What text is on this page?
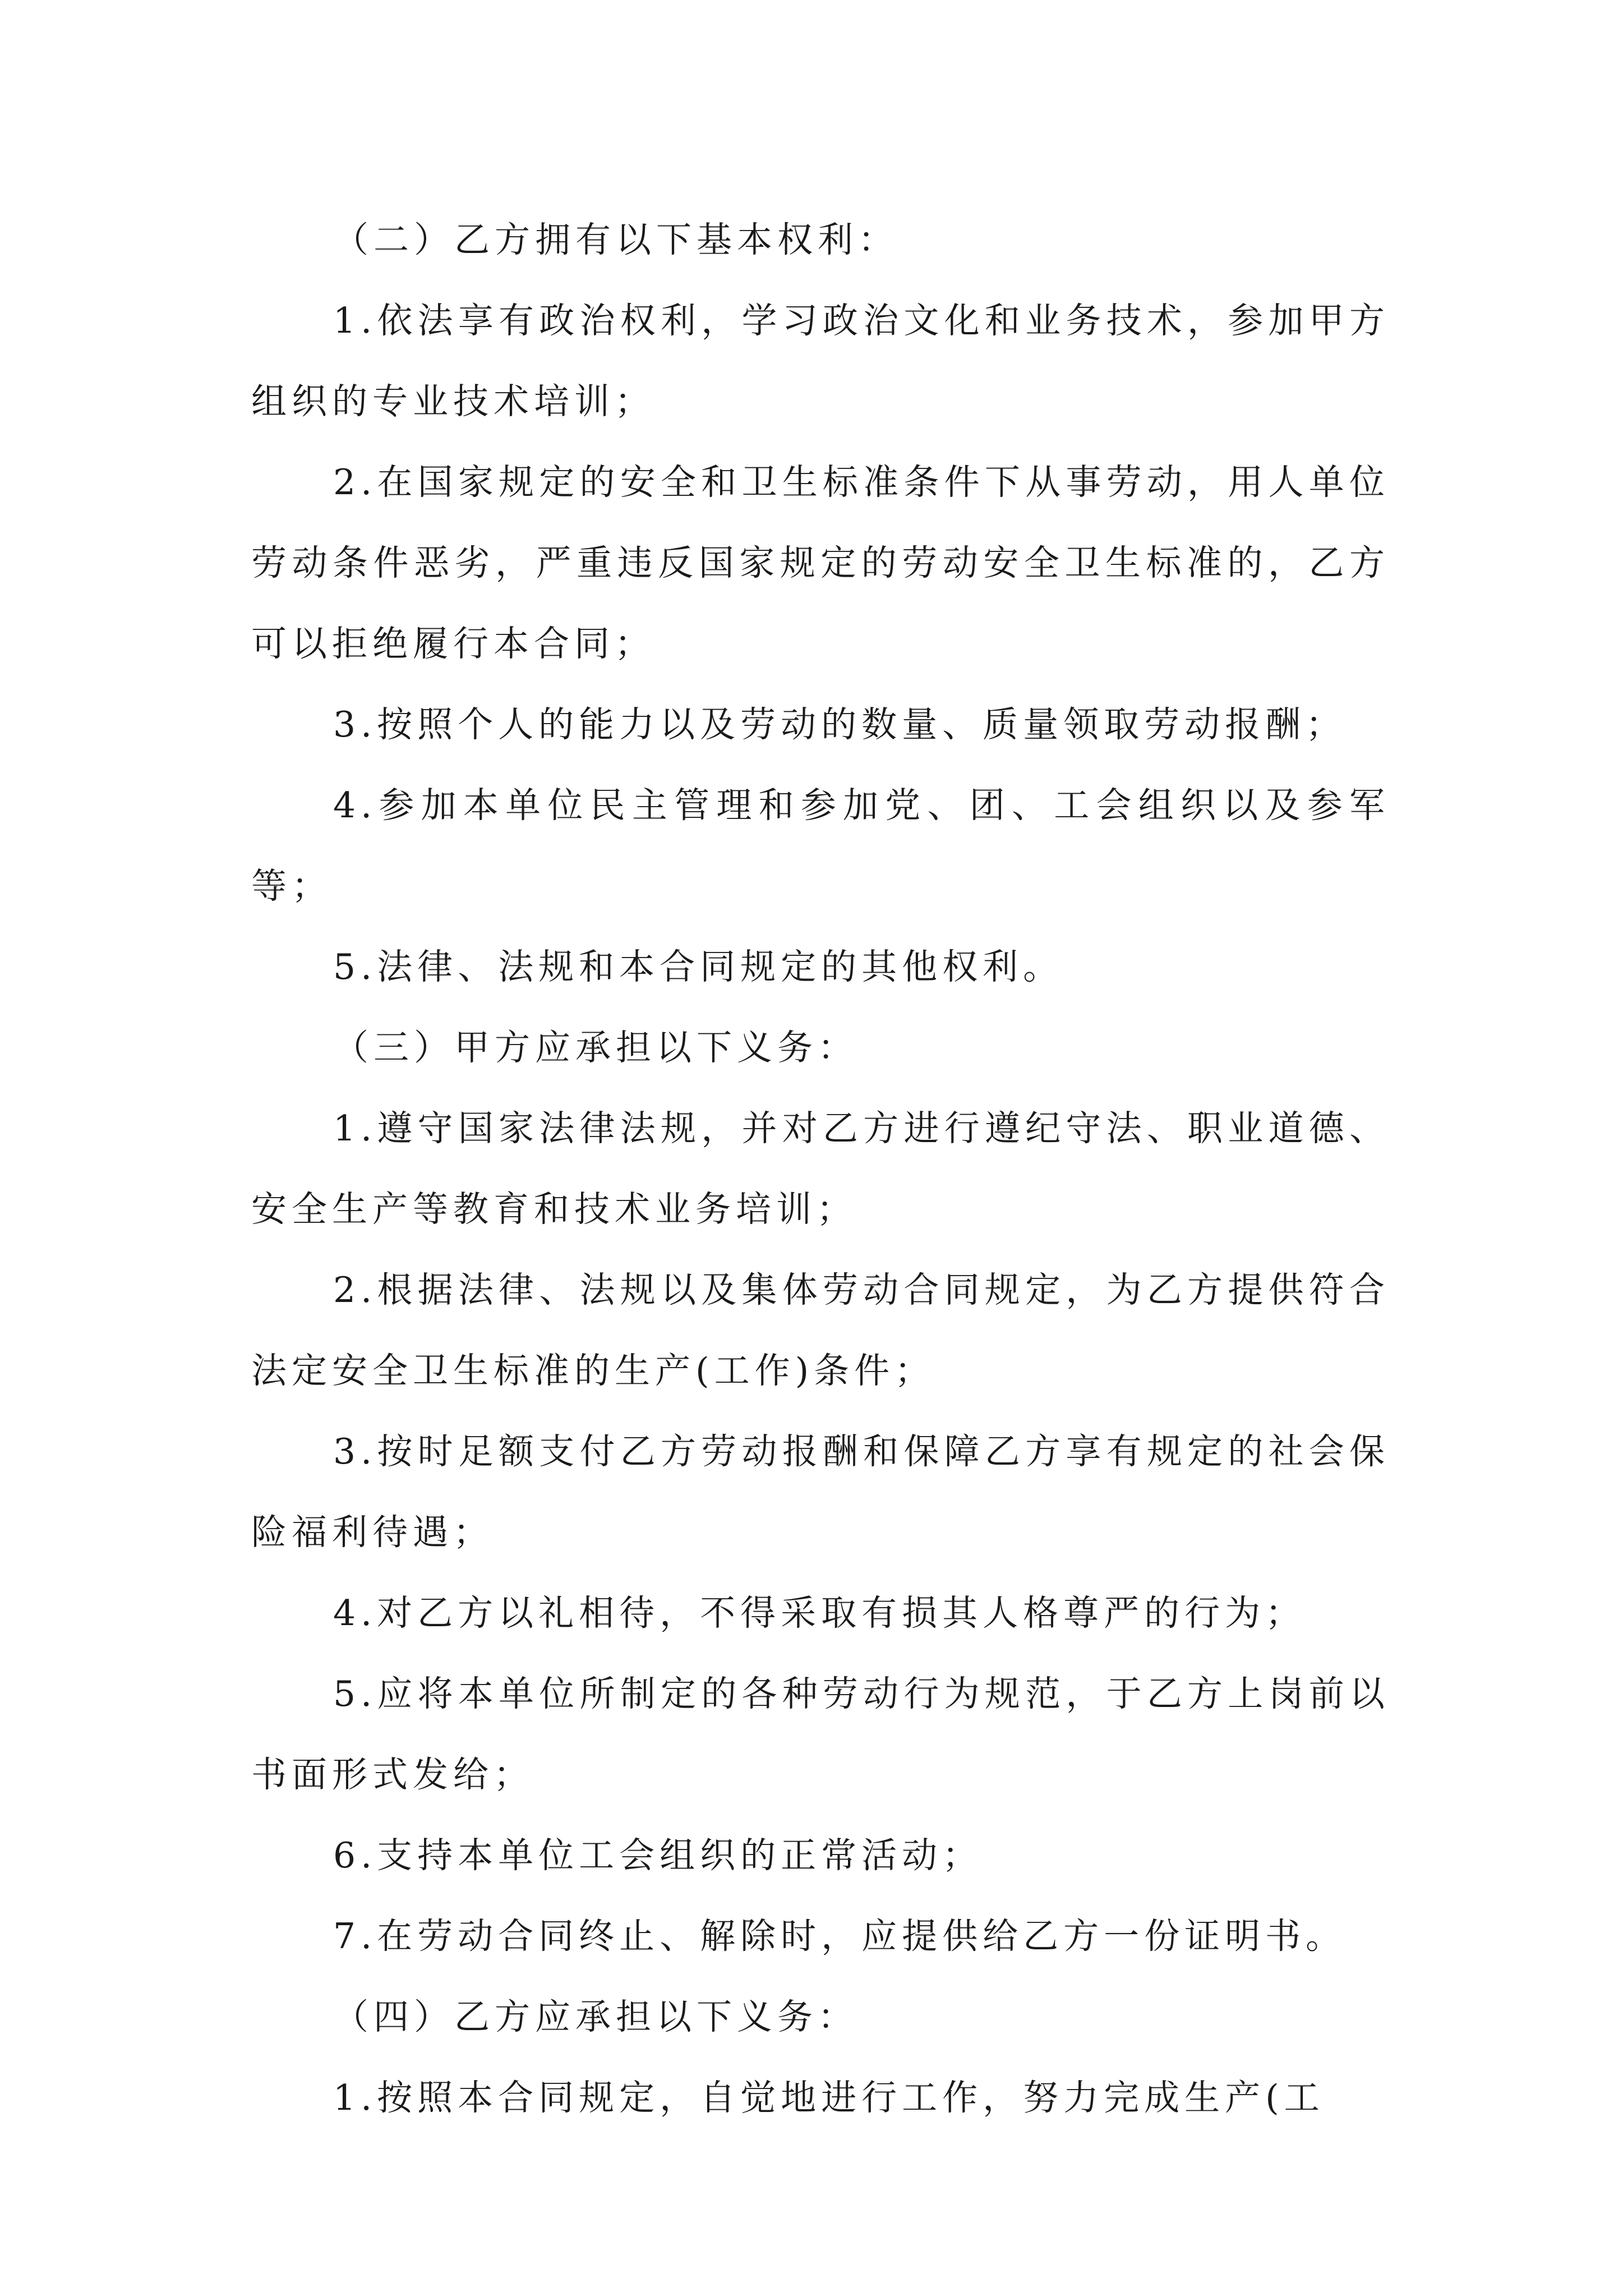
（二）乙方拥有以下基本权利：

1.依法享有政治权利，学习政治文化和业务技术，参加甲方组织的专业技术培训；

2.在国家规定的安全和卫生标准条件下从事劳动，用人单位劳动条件恶劣，严重违反国家规定的劳动安全卫生标准的，乙方可以拒绝履行本合同；

3.按照个人的能力以及劳动的数量、质量领取劳动报酬；

4.参加本单位民主管理和参加党、团、工会组织以及参军等；

5.法律、法规和本合同规定的其他权利。

（三）甲方应承担以下义务：

1.遵守国家法律法规，并对乙方进行遵纪守法、职业道德、安全生产等教育和技术业务培训；

2.根据法律、法规以及集体劳动合同规定，为乙方提供符合法定安全卫生标准的生产(工作)条件；

3.按时足额支付乙方劳动报酬和保障乙方享有规定的社会保险福利待遇；

4.对乙方以礼相待，不得采取有损其人格尊严的行为；

5.应将本单位所制定的各种劳动行为规范，于乙方上岗前以书面形式发给；

6.支持本单位工会组织的正常活动；

7.在劳动合同终止、解除时，应提供给乙方一份证明书。

（四）乙方应承担以下义务：

1.按照本合同规定，自觉地进行工作，努力完成生产(工
